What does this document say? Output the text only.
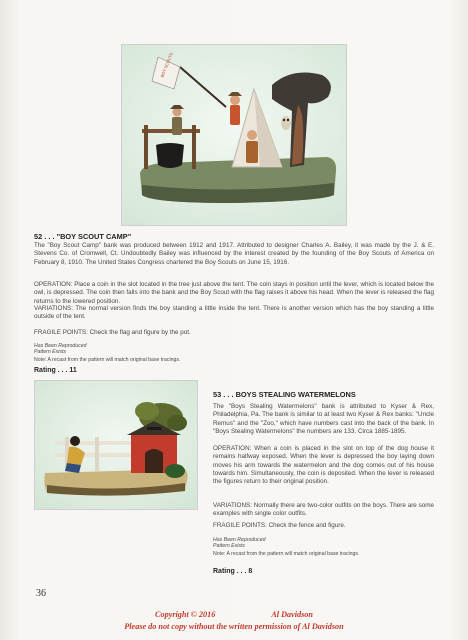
BOY SCOUTS
52 . . . "BOY SCOUT CAMP"
The "Boy Scout Camp" bank was produced between 1912 and 1917. Attributed to designer Charles A. Bailey, it was made by the J. & E. Stevens Co. of Cromwell, Ct. Undoubtedly Bailey was influenced by the interest created by the founding of the Boy Scouts of America on February 8, 1910. The United States Congress chartered the Boy Scouts on June 15, 1916.
OPERATION: Place a coin in the slot located in the tree just above the tent. The coin stays in position until the lever, which is located below the owl, is depressed. The coin then falls into the bank and the Boy Scout with the flag raises it above his head. When the lever is released the flag returns to the lowered position.
VARIATIONS: The normal version finds the boy standing a little inside the tent. There is another version which has the boy standing a little outside of the tent.
FRAGILE POINTS: Check the flag and figure by the pot.
Has Been Reproduced
Pattern Exists
Note: A recast from the pattern will match original base tracings.
Rating . . . 11
53 . . . BOYS STEALING WATERMELONS
The "Boys Stealing Watermelons" bank is attributed to Kyser & Rex, Philadelphia, Pa. The bank is similar to at least two Kyser & Rex banks: "Uncle Remus" and the "Zoo," which have numbers cast into the back of the bank. In "Boys Stealing Watermelons" the numbers are 133. Circa 1885-1895.
OPERATION: When a coin is placed in the slot on top of the dog house it remains halfway exposed. When the lever is depressed the boy laying down moves his arm towards the watermelon and the dog comes out of his house towards him. Simultaneously, the coin is deposited. When the lever is released the figures return to their original position.
VARIATIONS: Normally there are two-color outfits on the boys. There are some examples with single color outfits.
FRAGILE POINTS: Check the fence and figure.
Has Been Reproduced
Pattern Exists
Note: A recast from the pattern will match original base tracings.
Rating . . . 8
36
Copyright © 2016	Al Davidson
Please do not copy without the written permission of Al Davidson
